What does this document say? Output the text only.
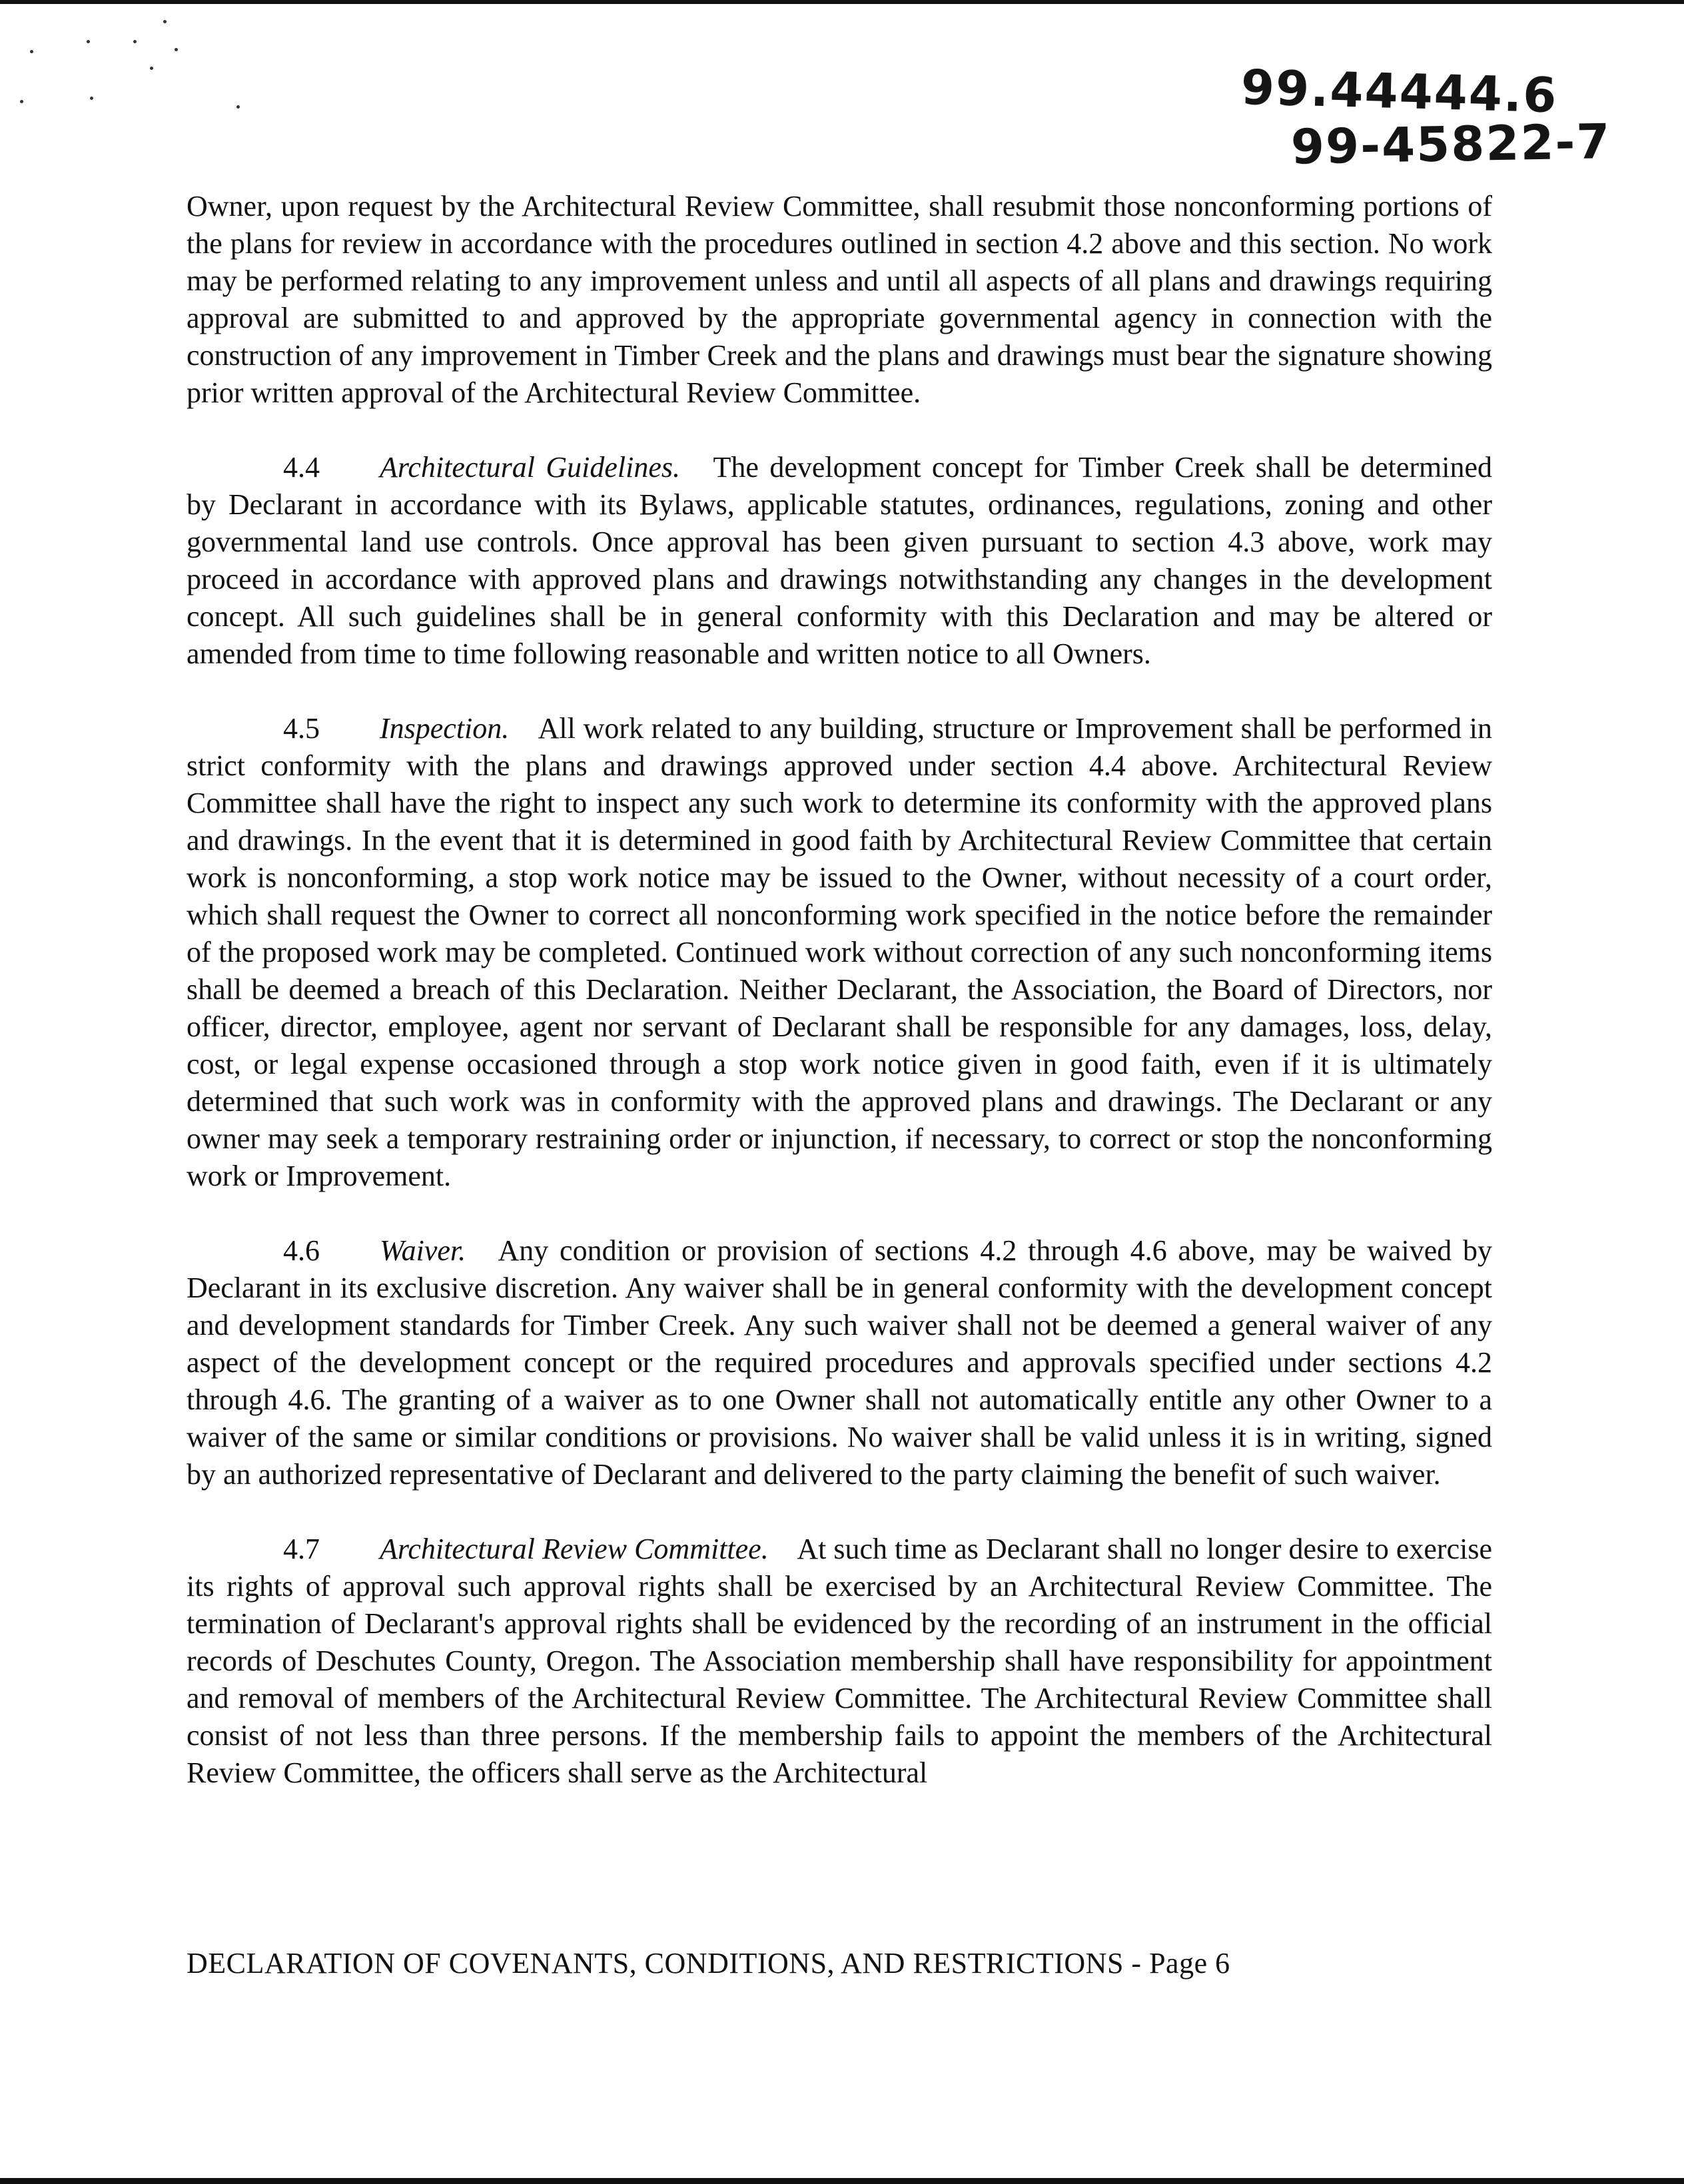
99.44444.6
99-45822-7

Owner, upon request by the Architectural Review Committee, shall resubmit those nonconforming portions of the plans for review in accordance with the procedures outlined in section 4.2 above and this section. No work may be performed relating to any improvement unless and until all aspects of all plans and drawings requiring approval are submitted to and approved by the appropriate governmental agency in connection with the construction of any improvement in Timber Creek and the plans and drawings must bear the signature showing prior written approval of the Architectural Review Committee.

4.4 Architectural Guidelines. The development concept for Timber Creek shall be determined by Declarant in accordance with its Bylaws, applicable statutes, ordinances, regulations, zoning and other governmental land use controls. Once approval has been given pursuant to section 4.3 above, work may proceed in accordance with approved plans and drawings notwithstanding any changes in the development concept. All such guidelines shall be in general conformity with this Declaration and may be altered or amended from time to time following reasonable and written notice to all Owners.

4.5 Inspection. All work related to any building, structure or Improvement shall be performed in strict conformity with the plans and drawings approved under section 4.4 above. Architectural Review Committee shall have the right to inspect any such work to determine its conformity with the approved plans and drawings. In the event that it is determined in good faith by Architectural Review Committee that certain work is nonconforming, a stop work notice may be issued to the Owner, without necessity of a court order, which shall request the Owner to correct all nonconforming work specified in the notice before the remainder of the proposed work may be completed. Continued work without correction of any such nonconforming items shall be deemed a breach of this Declaration. Neither Declarant, the Association, the Board of Directors, nor officer, director, employee, agent nor servant of Declarant shall be responsible for any damages, loss, delay, cost, or legal expense occasioned through a stop work notice given in good faith, even if it is ultimately determined that such work was in conformity with the approved plans and drawings. The Declarant or any owner may seek a temporary restraining order or injunction, if necessary, to correct or stop the nonconforming work or Improvement.

4.6 Waiver. Any condition or provision of sections 4.2 through 4.6 above, may be waived by Declarant in its exclusive discretion. Any waiver shall be in general conformity with the development concept and development standards for Timber Creek. Any such waiver shall not be deemed a general waiver of any aspect of the development concept or the required procedures and approvals specified under sections 4.2 through 4.6. The granting of a waiver as to one Owner shall not automatically entitle any other Owner to a waiver of the same or similar conditions or provisions. No waiver shall be valid unless it is in writing, signed by an authorized representative of Declarant and delivered to the party claiming the benefit of such waiver.

4.7 Architectural Review Committee. At such time as Declarant shall no longer desire to exercise its rights of approval such approval rights shall be exercised by an Architectural Review Committee. The termination of Declarant's approval rights shall be evidenced by the recording of an instrument in the official records of Deschutes County, Oregon. The Association membership shall have responsibility for appointment and removal of members of the Architectural Review Committee. The Architectural Review Committee shall consist of not less than three persons. If the membership fails to appoint the members of the Architectural Review Committee, the officers shall serve as the Architectural

DECLARATION OF COVENANTS, CONDITIONS, AND RESTRICTIONS - Page 6
